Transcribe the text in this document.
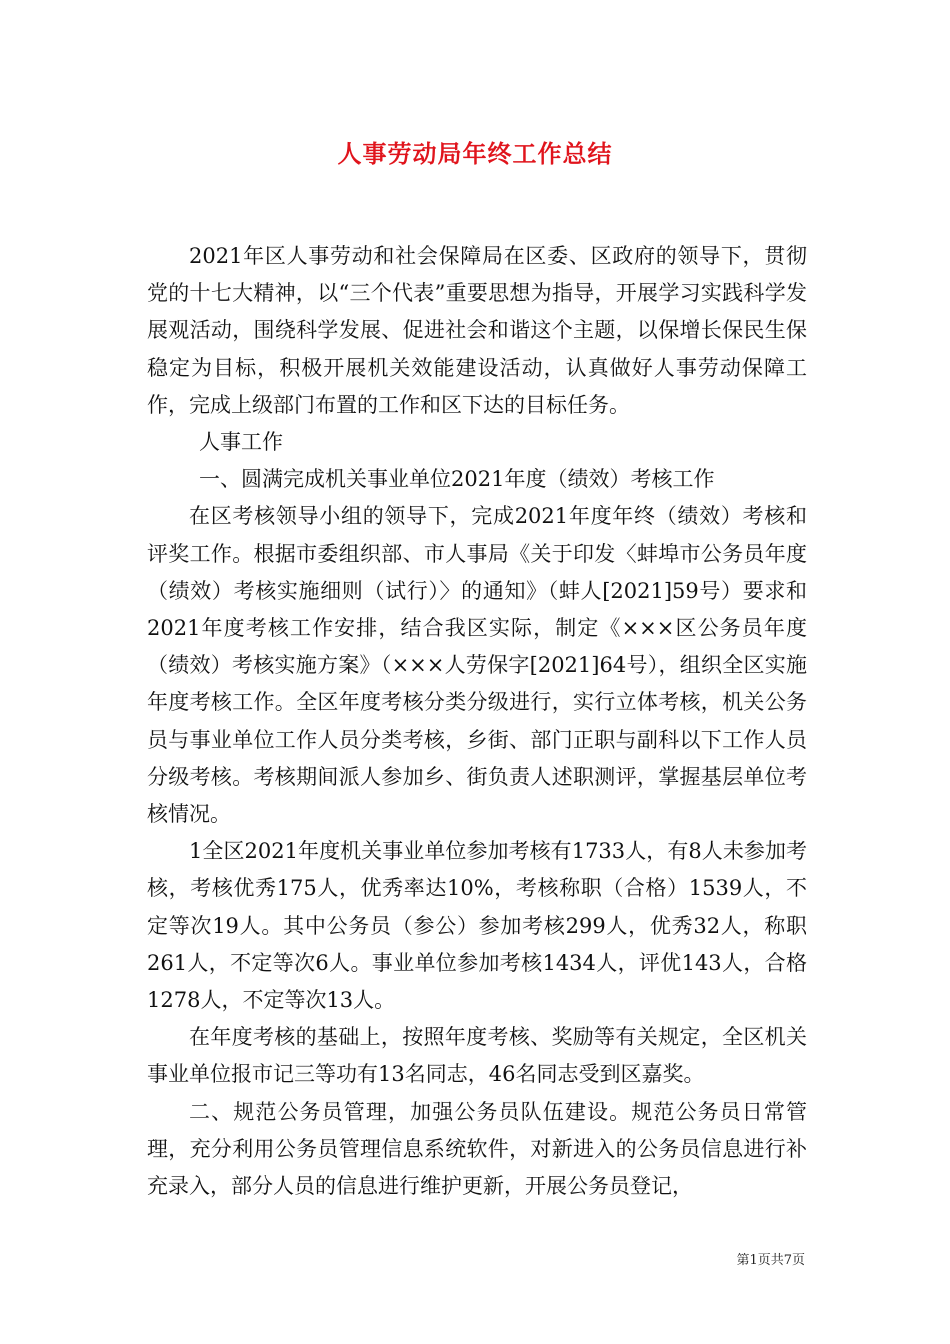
人事劳动局年终工作总结

2021年区人事劳动和社会保障局在区委、区政府的领导下，贯彻党的十七大精神，以“三个代表”重要思想为指导，开展学习实践科学发展观活动，围绕科学发展、促进社会和谐这个主题，以保增长保民生保稳定为目标，积极开展机关效能建设活动，认真做好人事劳动保障工作，完成上级部门布置的工作和区下达的目标任务。

人事工作

一、圆满完成机关事业单位2021年度（绩效）考核工作

在区考核领导小组的领导下，完成2021年度年终（绩效）考核和评奖工作。根据市委组织部、市人事局《关于印发〈蚌埠市公务员年度（绩效）考核实施细则（试行）〉的通知》（蚌人[2021]59号）要求和2021年度考核工作安排，结合我区实际，制定《×××区公务员年度（绩效）考核实施方案》（×××人劳保字[2021]64号），组织全区实施年度考核工作。全区年度考核分类分级进行，实行立体考核，机关公务员与事业单位工作人员分类考核，乡街、部门正职与副科以下工作人员分级考核。考核期间派人参加乡、街负责人述职测评，掌握基层单位考核情况。

1全区2021年度机关事业单位参加考核有1733人，有8人未参加考核，考核优秀175人，优秀率达10%，考核称职（合格）1539人，不定等次19人。其中公务员（参公）参加考核299人，优秀32人，称职261人，不定等次6人。事业单位参加考核1434人，评优143人，合格1278人，不定等次13人。

在年度考核的基础上，按照年度考核、奖励等有关规定，全区机关事业单位报市记三等功有13名同志，46名同志受到区嘉奖。

二、规范公务员管理，加强公务员队伍建设。规范公务员日常管理，充分利用公务员管理信息系统软件，对新进入的公务员信息进行补充录入，部分人员的信息进行维护更新，开展公务员登记，

第1页共7页
